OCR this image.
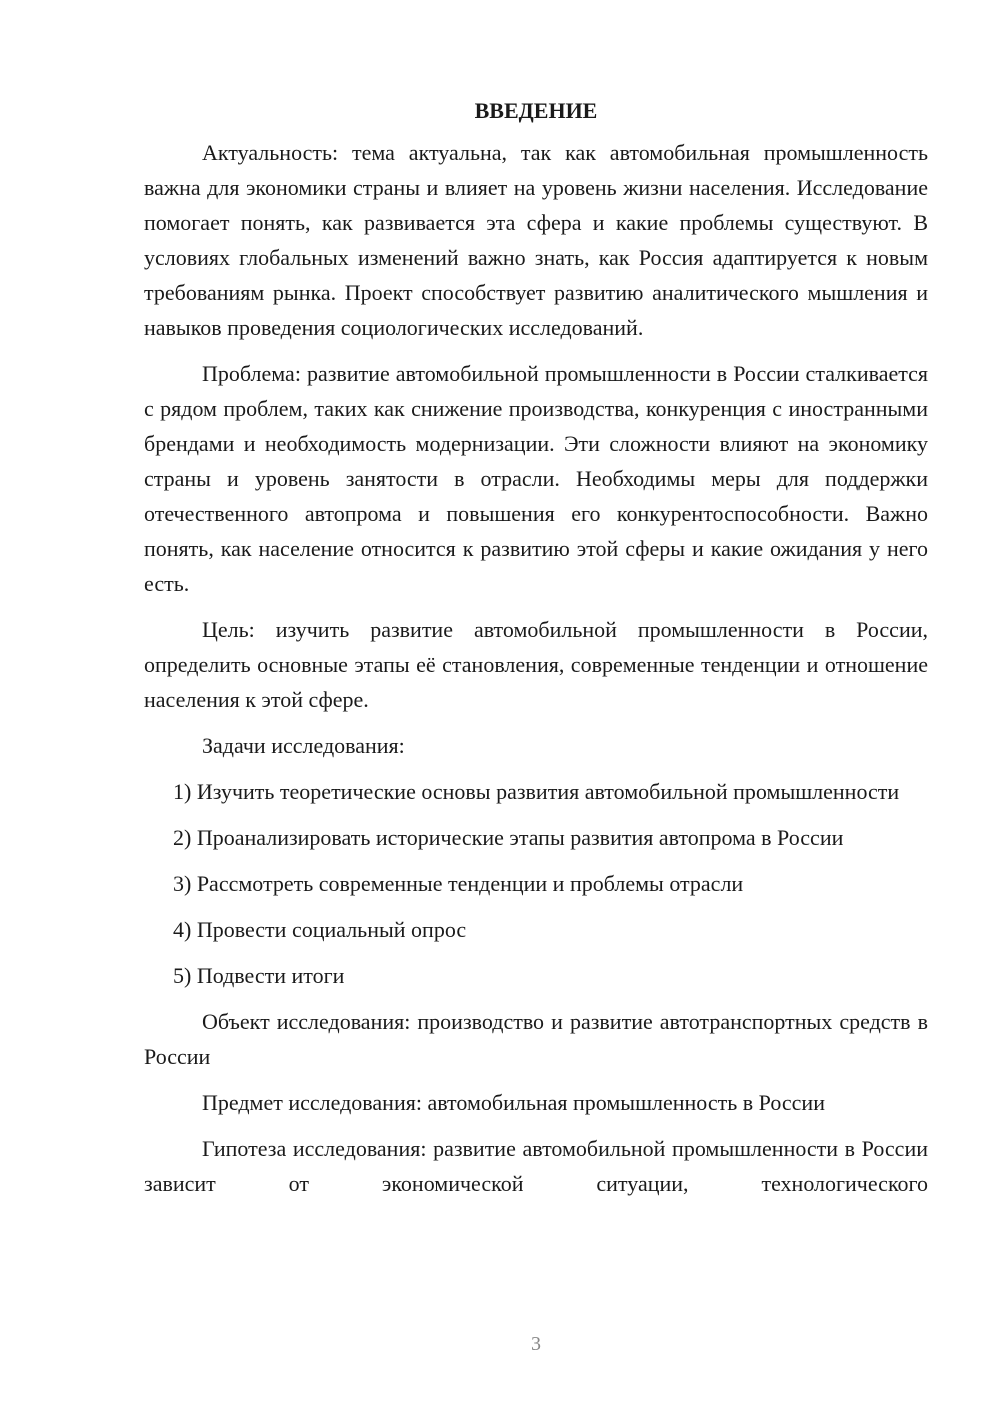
ВВЕДЕНИЕ

Актуальность: тема актуальна, так как автомобильная промышленность важна для экономики страны и влияет на уровень жизни населения. Исследование помогает понять, как развивается эта сфера и какие проблемы существуют. В условиях глобальных изменений важно знать, как Россия адаптируется к новым требованиям рынка. Проект способствует развитию аналитического мышления и навыков проведения социологических исследований.

Проблема: развитие автомобильной промышленности в России сталкивается с рядом проблем, таких как снижение производства, конкуренция с иностранными брендами и необходимость модернизации. Эти сложности влияют на экономику страны и уровень занятости в отрасли. Необходимы меры для поддержки отечественного автопрома и повышения его конкурентоспособности. Важно понять, как население относится к развитию этой сферы и какие ожидания у него есть.

Цель: изучить развитие автомобильной промышленности в России, определить основные этапы её становления, современные тенденции и отношение населения к этой сфере.

Задачи исследования:

1) Изучить теоретические основы развития автомобильной промышленности

2) Проанализировать исторические этапы развития автопрома в России

3) Рассмотреть современные тенденции и проблемы отрасли

4) Провести социальный опрос

5) Подвести итоги

Объект исследования: производство и развитие автотранспортных средств в России

Предмет исследования: автомобильная промышленность в России

Гипотеза исследования: развитие автомобильной промышленности в России зависит от экономической ситуации, технологического

3
